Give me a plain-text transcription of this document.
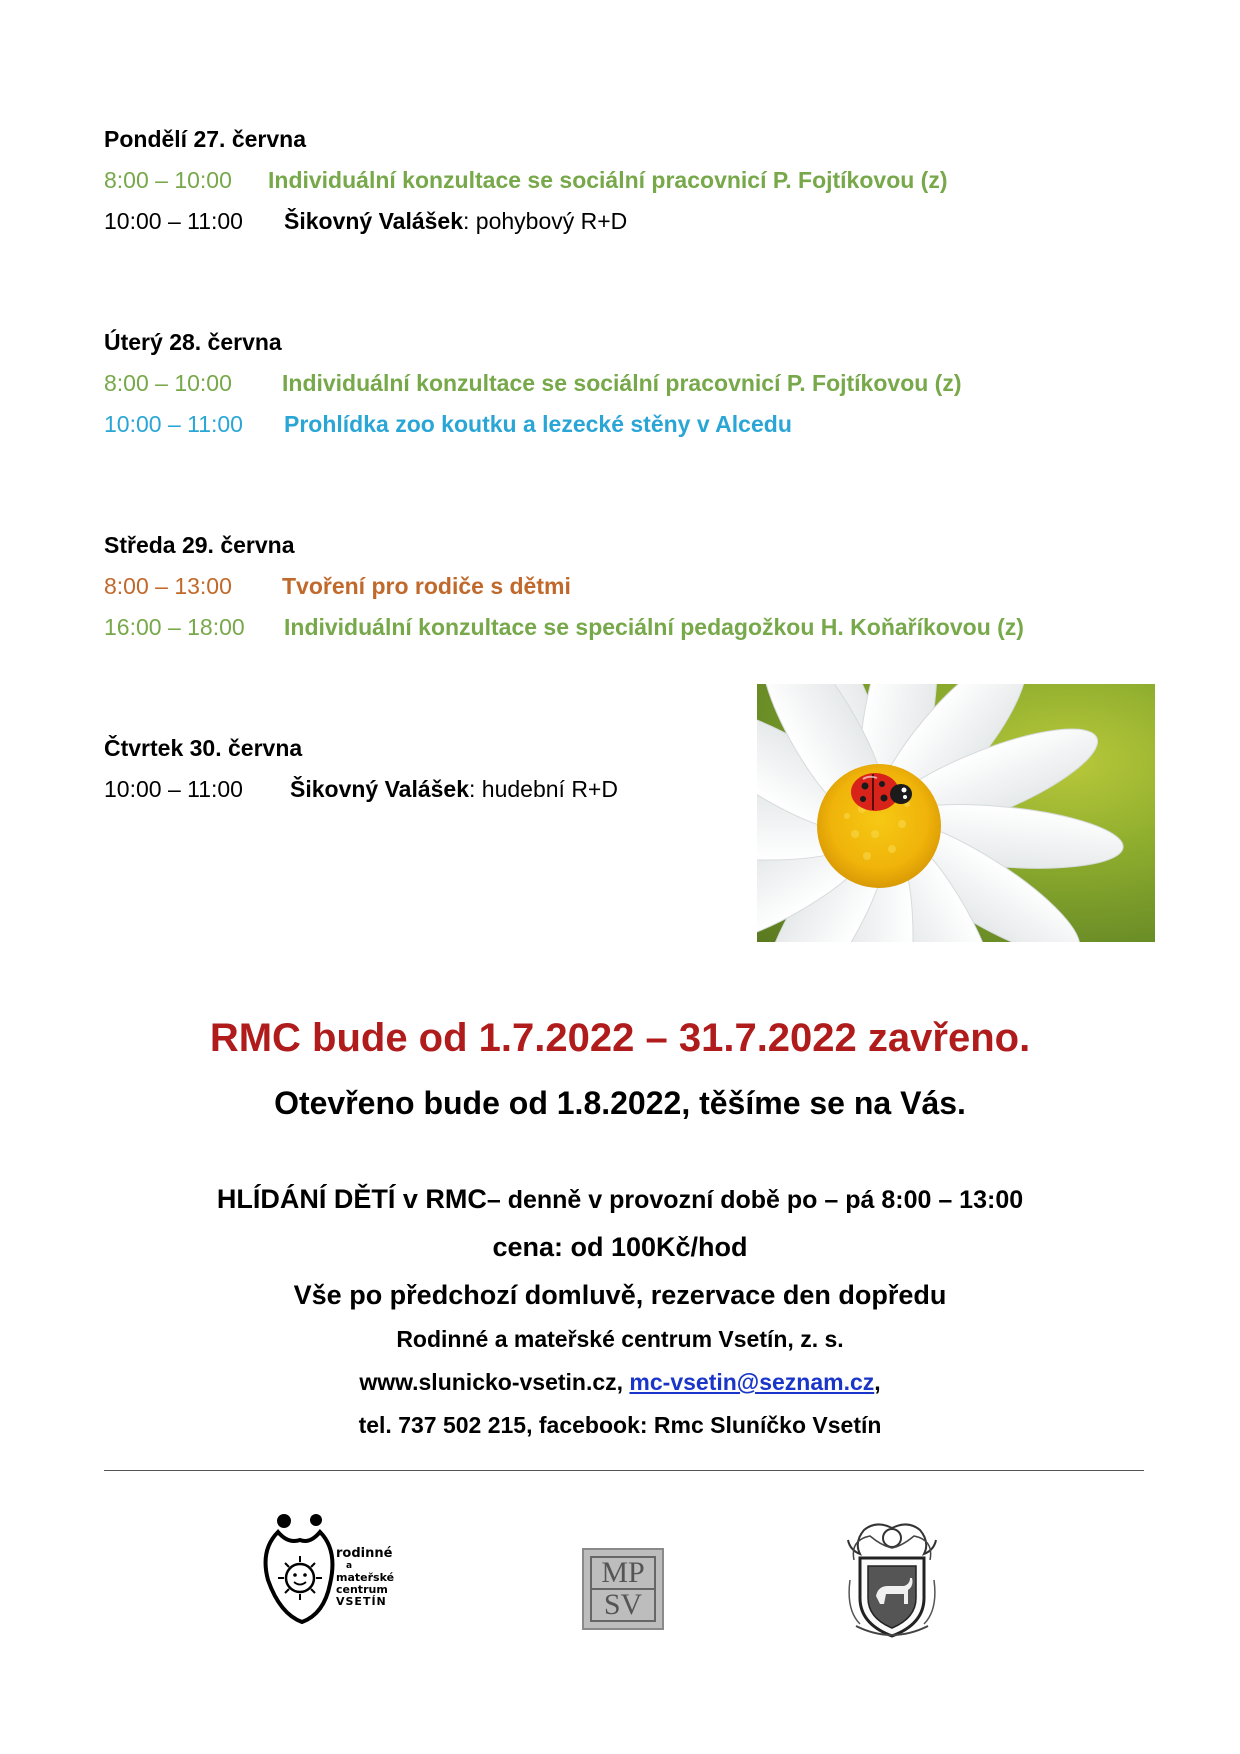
Pondělí 27. června
8:00 – 10:00 Individuální konzultace se sociální pracovnicí P. Fojtíkovou (z)
10:00 – 11:00 Šikovný Valášek: pohybový R+D
Úterý 28. června
8:00 – 10:00 Individuální konzultace se sociální pracovnicí P. Fojtíkovou (z)
10:00 – 11:00 Prohlídka zoo koutku a lezecké stěny v Alcedu
Středa 29. června
8:00 – 13:00 Tvoření pro rodiče s dětmi
16:00 – 18:00 Individuální konzultace se speciální pedagožkou H. Koňaříkovou (z)
Čtvrtek 30. června
10:00 – 11:00 Šikovný Valášek: hudební R+D
RMC bude od 1.7.2022 – 31.7.2022 zavřeno.
Otevřeno bude od 1.8.2022, těšíme se na Vás.
HLÍDÁNÍ DĚTÍ v RMC– denně v provozní době po – pá 8:00 – 13:00
cena: od 100Kč/hod
Vše po předchozí domluvě, rezervace den dopředu
Rodinné a mateřské centrum Vsetín, z. s.
www.slunicko-vsetin.cz, mc-vsetin@seznam.cz,
tel. 737 502 215, facebook: Rmc Sluníčko Vsetín
rodinné
a
mateřské
centrum
VSETÍN
MP
SV
